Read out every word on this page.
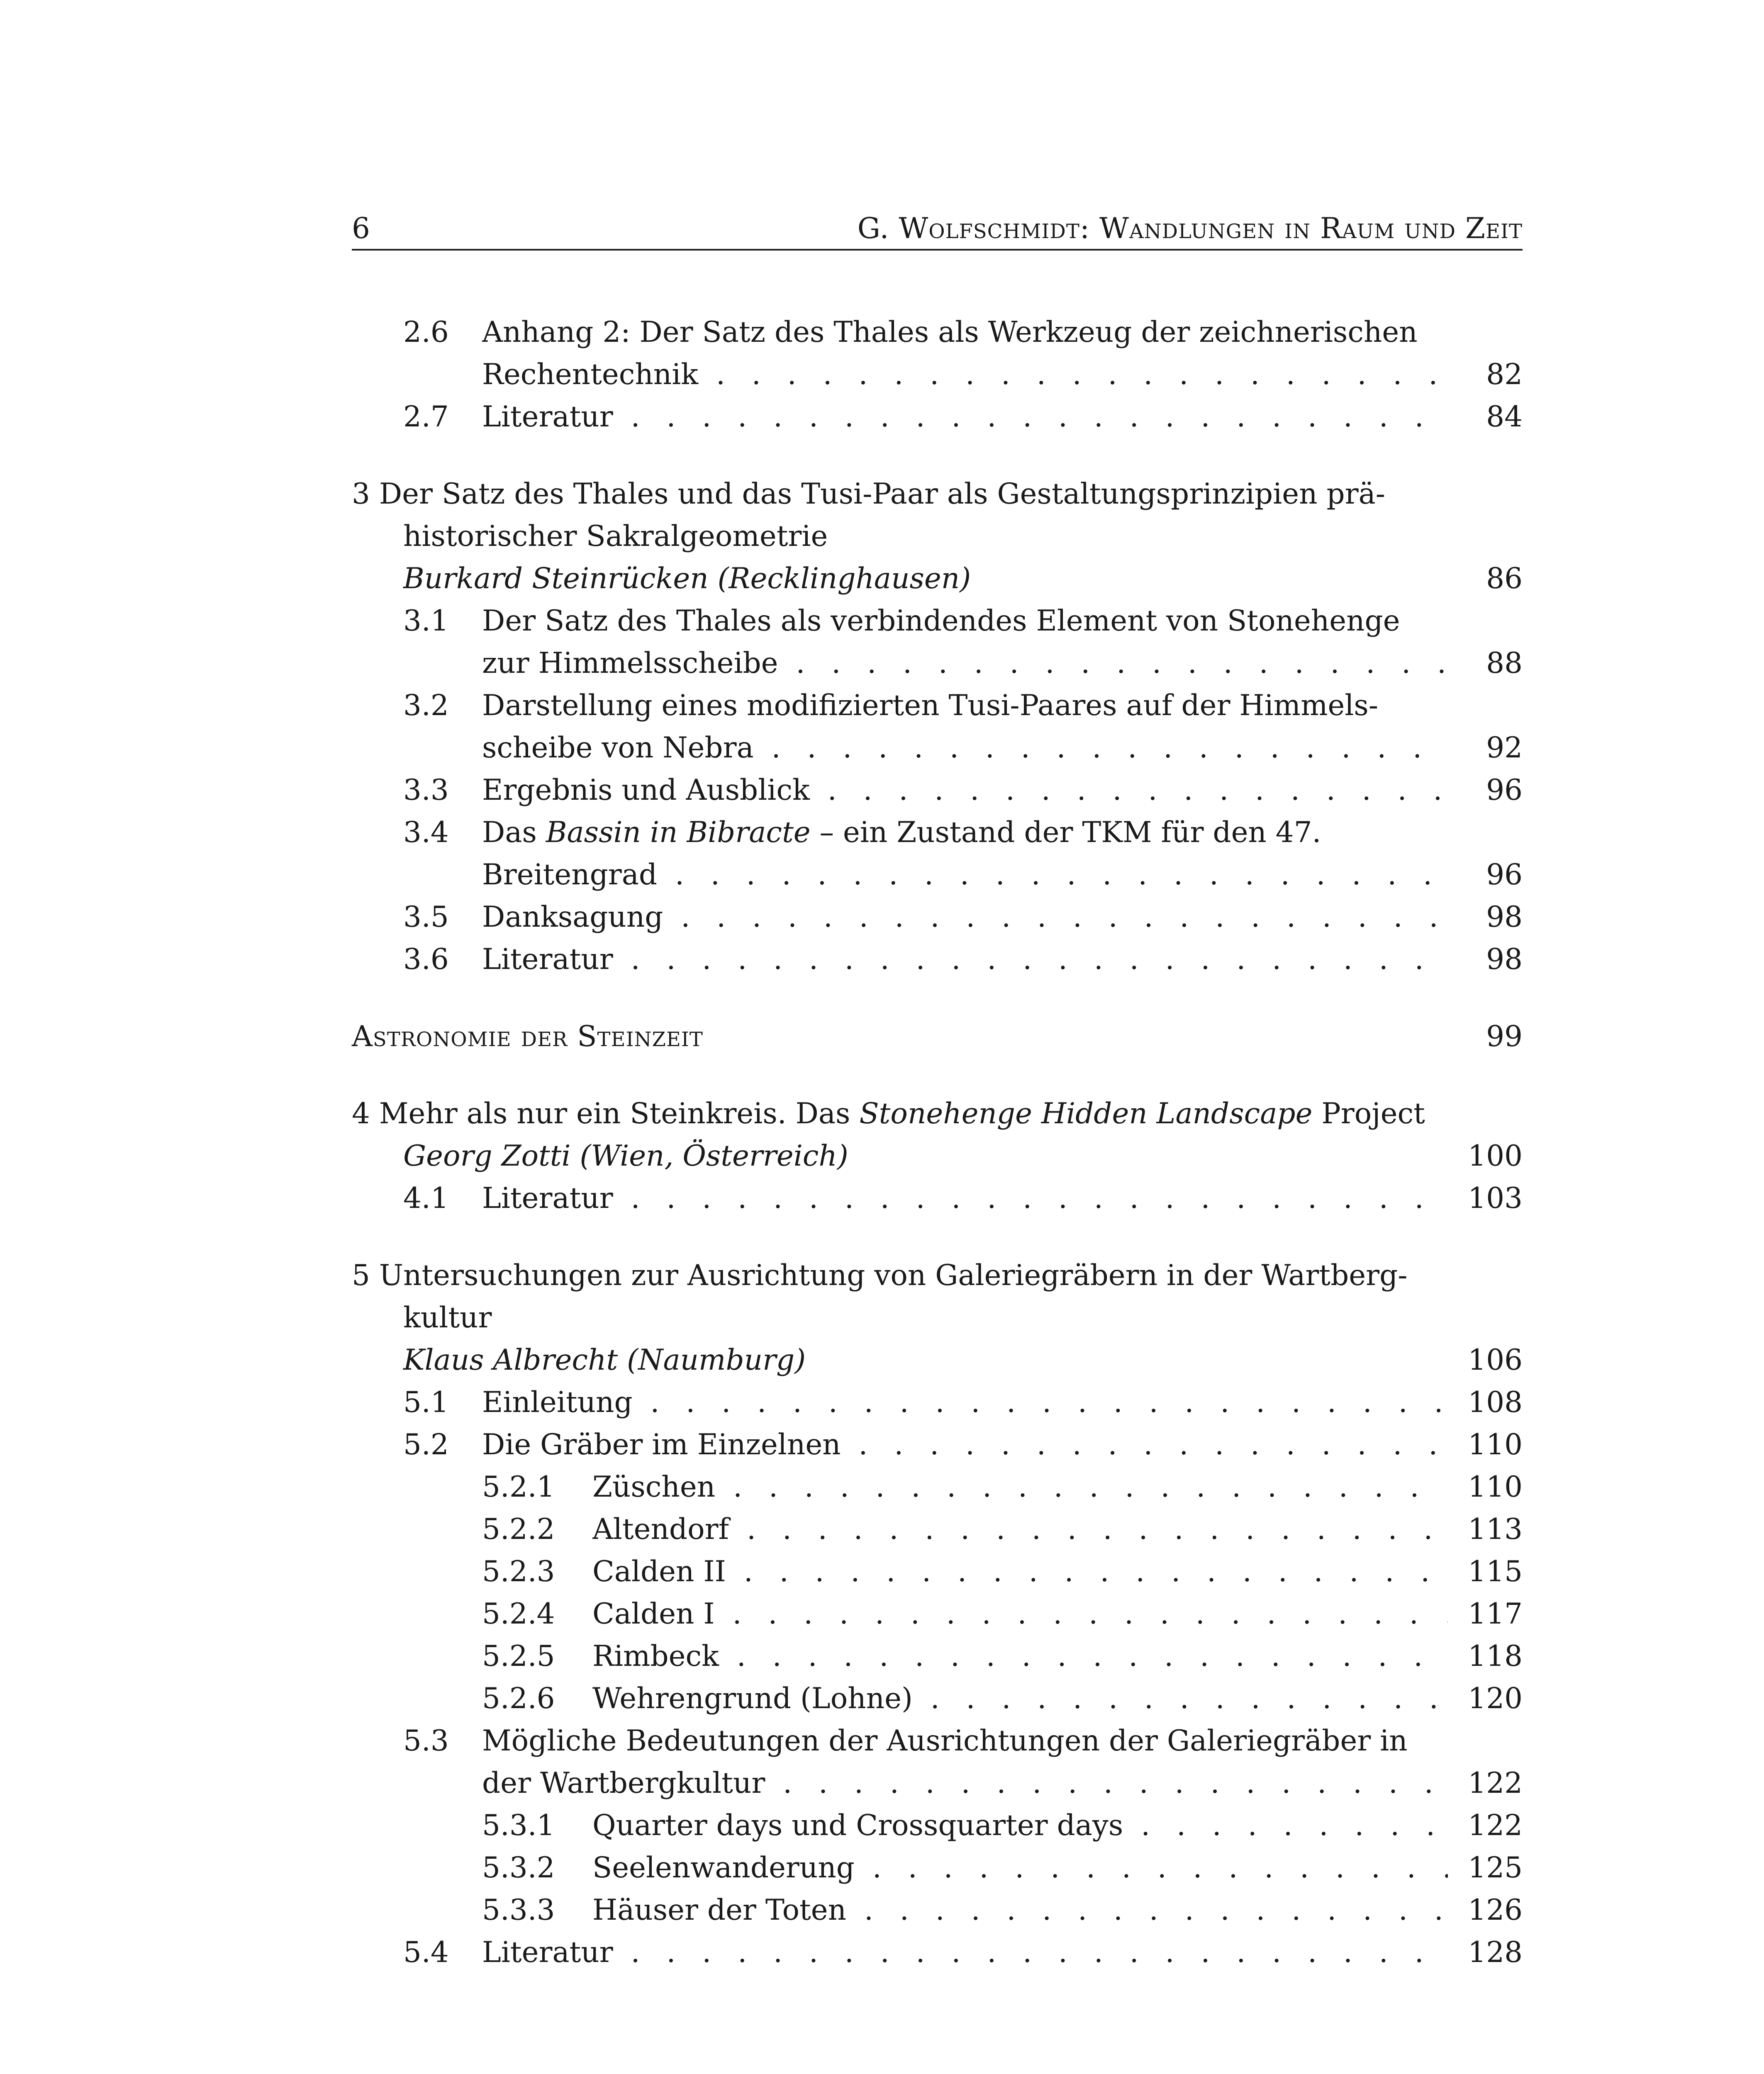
6	G. Wolfschmidt: Wandlungen in Raum und Zeit
2.6 Anhang 2: Der Satz des Thales als Werkzeug der zeichnerischen
Rechentechnik . . .	82
2.7 Literatur . . .	84
3 Der Satz des Thales und das Tusi-Paar als Gestaltungsprinzipien prä-
historischer Sakralgeometrie
Burkard Steinrücken (Recklinghausen)	86
3.1 Der Satz des Thales als verbindendes Element von Stonehenge
zur Himmelsscheibe . . .	88
3.2 Darstellung eines modifizierten Tusi-Paares auf der Himmels-
scheibe von Nebra . . .	92
3.3 Ergebnis und Ausblick . . .	96
3.4 Das Bassin in Bibracte – ein Zustand der TKM für den 47.
Breitengrad . . .	96
3.5 Danksagung . . .	98
3.6 Literatur . . .	98
Astronomie der Steinzeit	99
4 Mehr als nur ein Steinkreis. Das Stonehenge Hidden Landscape Project
Georg Zotti (Wien, Österreich)	100
4.1 Literatur . . .	103
5 Untersuchungen zur Ausrichtung von Galeriegräbern in der Wartberg-
kultur
Klaus Albrecht (Naumburg)	106
5.1 Einleitung . . .	108
5.2 Die Gräber im Einzelnen . . .	110
5.2.1 Züschen . . .	110
5.2.2 Altendorf . . .	113
5.2.3 Calden II . . .	115
5.2.4 Calden I . . .	117
5.2.5 Rimbeck . . .	118
5.2.6 Wehrengrund (Lohne) . . .	120
5.3 Mögliche Bedeutungen der Ausrichtungen der Galeriegräber in
der Wartbergkultur . . .	122
5.3.1 Quarter days und Crossquarter days . . .	122
5.3.2 Seelenwanderung . . .	125
5.3.3 Häuser der Toten . . .	126
5.4 Literatur . . .	128
